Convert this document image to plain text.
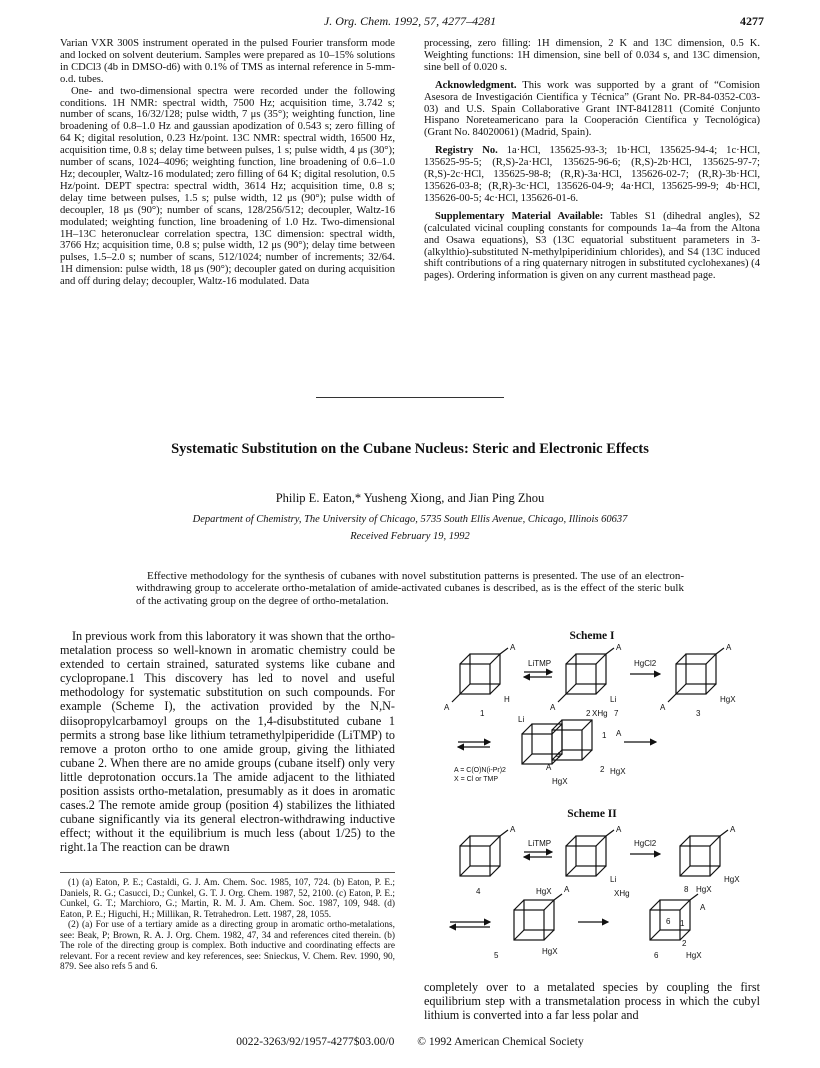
J. Org. Chem. 1992, 57, 4277–4281	4277

Varian VXR 300S instrument operated in the pulsed Fourier transform mode and locked on solvent deuterium. Samples were prepared as 10–15% solutions in CDCl3 (4b in DMSO-d6) with 0.1% of TMS as internal reference in 5-mm-o.d. tubes.

One- and two-dimensional spectra were recorded under the following conditions. 1H NMR: spectral width, 7500 Hz; acquisition time, 3.742 s; number of scans, 16/32/128; pulse width, 7 μs (35°); weighting function, line broadening of 0.8–1.0 Hz and gaussian apodization of 0.543 s; zero filling of 64 K; digital resolution, 0.23 Hz/point. 13C NMR: spectral width, 16500 Hz, acquisition time, 0.8 s; delay time between pulses, 1 s; pulse width, 4 μs (30°); number of scans, 1024–4096; weighting function, line broadening of 0.6–1.0 Hz; decoupler, Waltz-16 modulated; zero filling of 64 K; digital resolution, 0.5 Hz/point. DEPT spectra: spectral width, 3614 Hz; acquisition time, 0.8 s; delay time between pulses, 1.5 s; pulse width, 12 μs (90°); pulse width of decoupler, 18 μs (90°); number of scans, 128/256/512; decoupler, Waltz-16 modulated; weighting function, line broadening of 1.0 Hz. Two-dimensional 1H–13C heteronuclear correlation spectra, 13C dimension: spectral width, 3766 Hz; acquisition time, 0.8 s; pulse width, 12 μs (90°); delay time between pulses, 1.5–2.0 s; number of scans, 512/1024; number of increments; 32/64. 1H dimension: pulse width, 18 μs (90°); decoupler gated on during acquisition and off during delay; decoupler, Waltz-16 modulated. Data

processing, zero filling: 1H dimension, 2 K and 13C dimension, 0.5 K. Weighting functions: 1H dimension, sine bell of 0.034 s, and 13C dimension, sine bell of 0.020 s.

Acknowledgment. This work was supported by a grant of “Comision Asesora de Investigación Científica y Técnica” (Grant No. PR-84-0352-C03-03) and U.S. Spain Collaborative Grant INT-8412811 (Comité Conjunto Hispano Noreteamericano para la Cooperación Científica y Tecnológica) (Grant No. 84020061) (Madrid, Spain).

Registry No. 1a·HCl, 135625-93-3; 1b·HCl, 135625-94-4; 1c·HCl, 135625-95-5; (R,S)-2a·HCl, 135625-96-6; (R,S)-2b·HCl, 135625-97-7; (R,S)-2c·HCl, 135625-98-8; (R,R)-3a·HCl, 135626-02-7; (R,R)-3b·HCl, 135626-03-8; (R,R)-3c·HCl, 135626-04-9; 4a·HCl, 135625-99-9; 4b·HCl, 135626-00-5; 4c·HCl, 135626-01-6.

Supplementary Material Available: Tables S1 (dihedral angles), S2 (calculated vicinal coupling constants for compounds 1a–4a from the Altona and Osawa equations), S3 (13C equatorial substituent parameters in 3-(alkylthio)-substituted N-methylpiperidinium chlorides), and S4 (13C induced shift contributions of a ring quaternary nitrogen in substituted cyclohexanes) (4 pages). Ordering information is given on any current masthead page.

Systematic Substitution on the Cubane Nucleus: Steric and Electronic Effects
Philip E. Eaton,* Yusheng Xiong, and Jian Ping Zhou
Department of Chemistry, The University of Chicago, 5735 South Ellis Avenue, Chicago, Illinois 60637
Received February 19, 1992
Effective methodology for the synthesis of cubanes with novel substitution patterns is presented. The use of an electron-withdrawing group to accelerate ortho-metalation of amide-activated cubanes is described, as is the effect of the steric bulk of the activating group on the degree of ortho-metalation.

In previous work from this laboratory it was shown that the ortho-metalation process so well-known in aromatic chemistry could be extended to certain strained, saturated systems like cubane and cyclopropane.1 This discovery has led to novel and useful methodology for systematic substitution on such compounds. For example (Scheme I), the activation provided by the N,N-diisopropylcarbamoyl groups on the 1,4-disubstituted cubane 1 permits a strong base like lithium tetramethylpiperidide (LiTMP) to remove a proton ortho to one amide group, giving the lithiated cubane 2. When there are no amide groups (cubane itself) only very little deprotonation occurs.1a The amide adjacent to the lithiated position assists ortho-metalation, presumably as it does in aromatic cases.2 The remote amide group (position 4) stabilizes the lithiated cubane significantly via its general electron-withdrawing inductive effect; without it the equilibrium is much less (about 1/25) to the right.1a The reaction can be drawn

(1) (a) Eaton, P. E.; Castaldi, G. J. Am. Chem. Soc. 1985, 107, 724. (b) Eaton, P. E.; Daniels, R. G.; Casucci, D.; Cunkel, G. T. J. Org. Chem. 1987, 52, 2100. (c) Eaton, P. E.; Cunkel, G. T.; Marchioro, G.; Martin, R. M. J. Am. Chem. Soc. 1987, 109, 948. (d) Eaton, P. E.; Higuchi, H.; Millikan, R. Tetrahedron. Lett. 1987, 28, 1055.

(2) (a) For use of a tertiary amide as a directing group in aromatic ortho-metalations, see: Beak, P; Brown, R. A. J. Org. Chem. 1982, 47, 34 and references cited therein. (b) The role of the directing group is complex. Both inductive and coordinating effects are relevant. For a recent review and key references, see: Snieckus, V. Chem. Rev. 1990, 90, 879. See also refs 5 and 6.

Scheme I
A
A
H
1
LiTMP
A
A
Li
2
HgCl2
A
A
HgX
3
Li
XHg 7
1 A
4
A
HgX
2 HgX
A = C(O)N(i-Pr)2
X = Cl or TMP
Scheme II
A
4
LiTMP
A
Li
HgCl2
A
HgX
HgX A
HgX
5
XHg	8 HgX
A
6 1
2
HgX
6
completely over to a metalated species by coupling the first equilibrium step with a transmetalation process in which the cubyl lithium is converted into a far less polar and
0022-3263/92/1957-4277$03.00/0 © 1992 American Chemical Society
